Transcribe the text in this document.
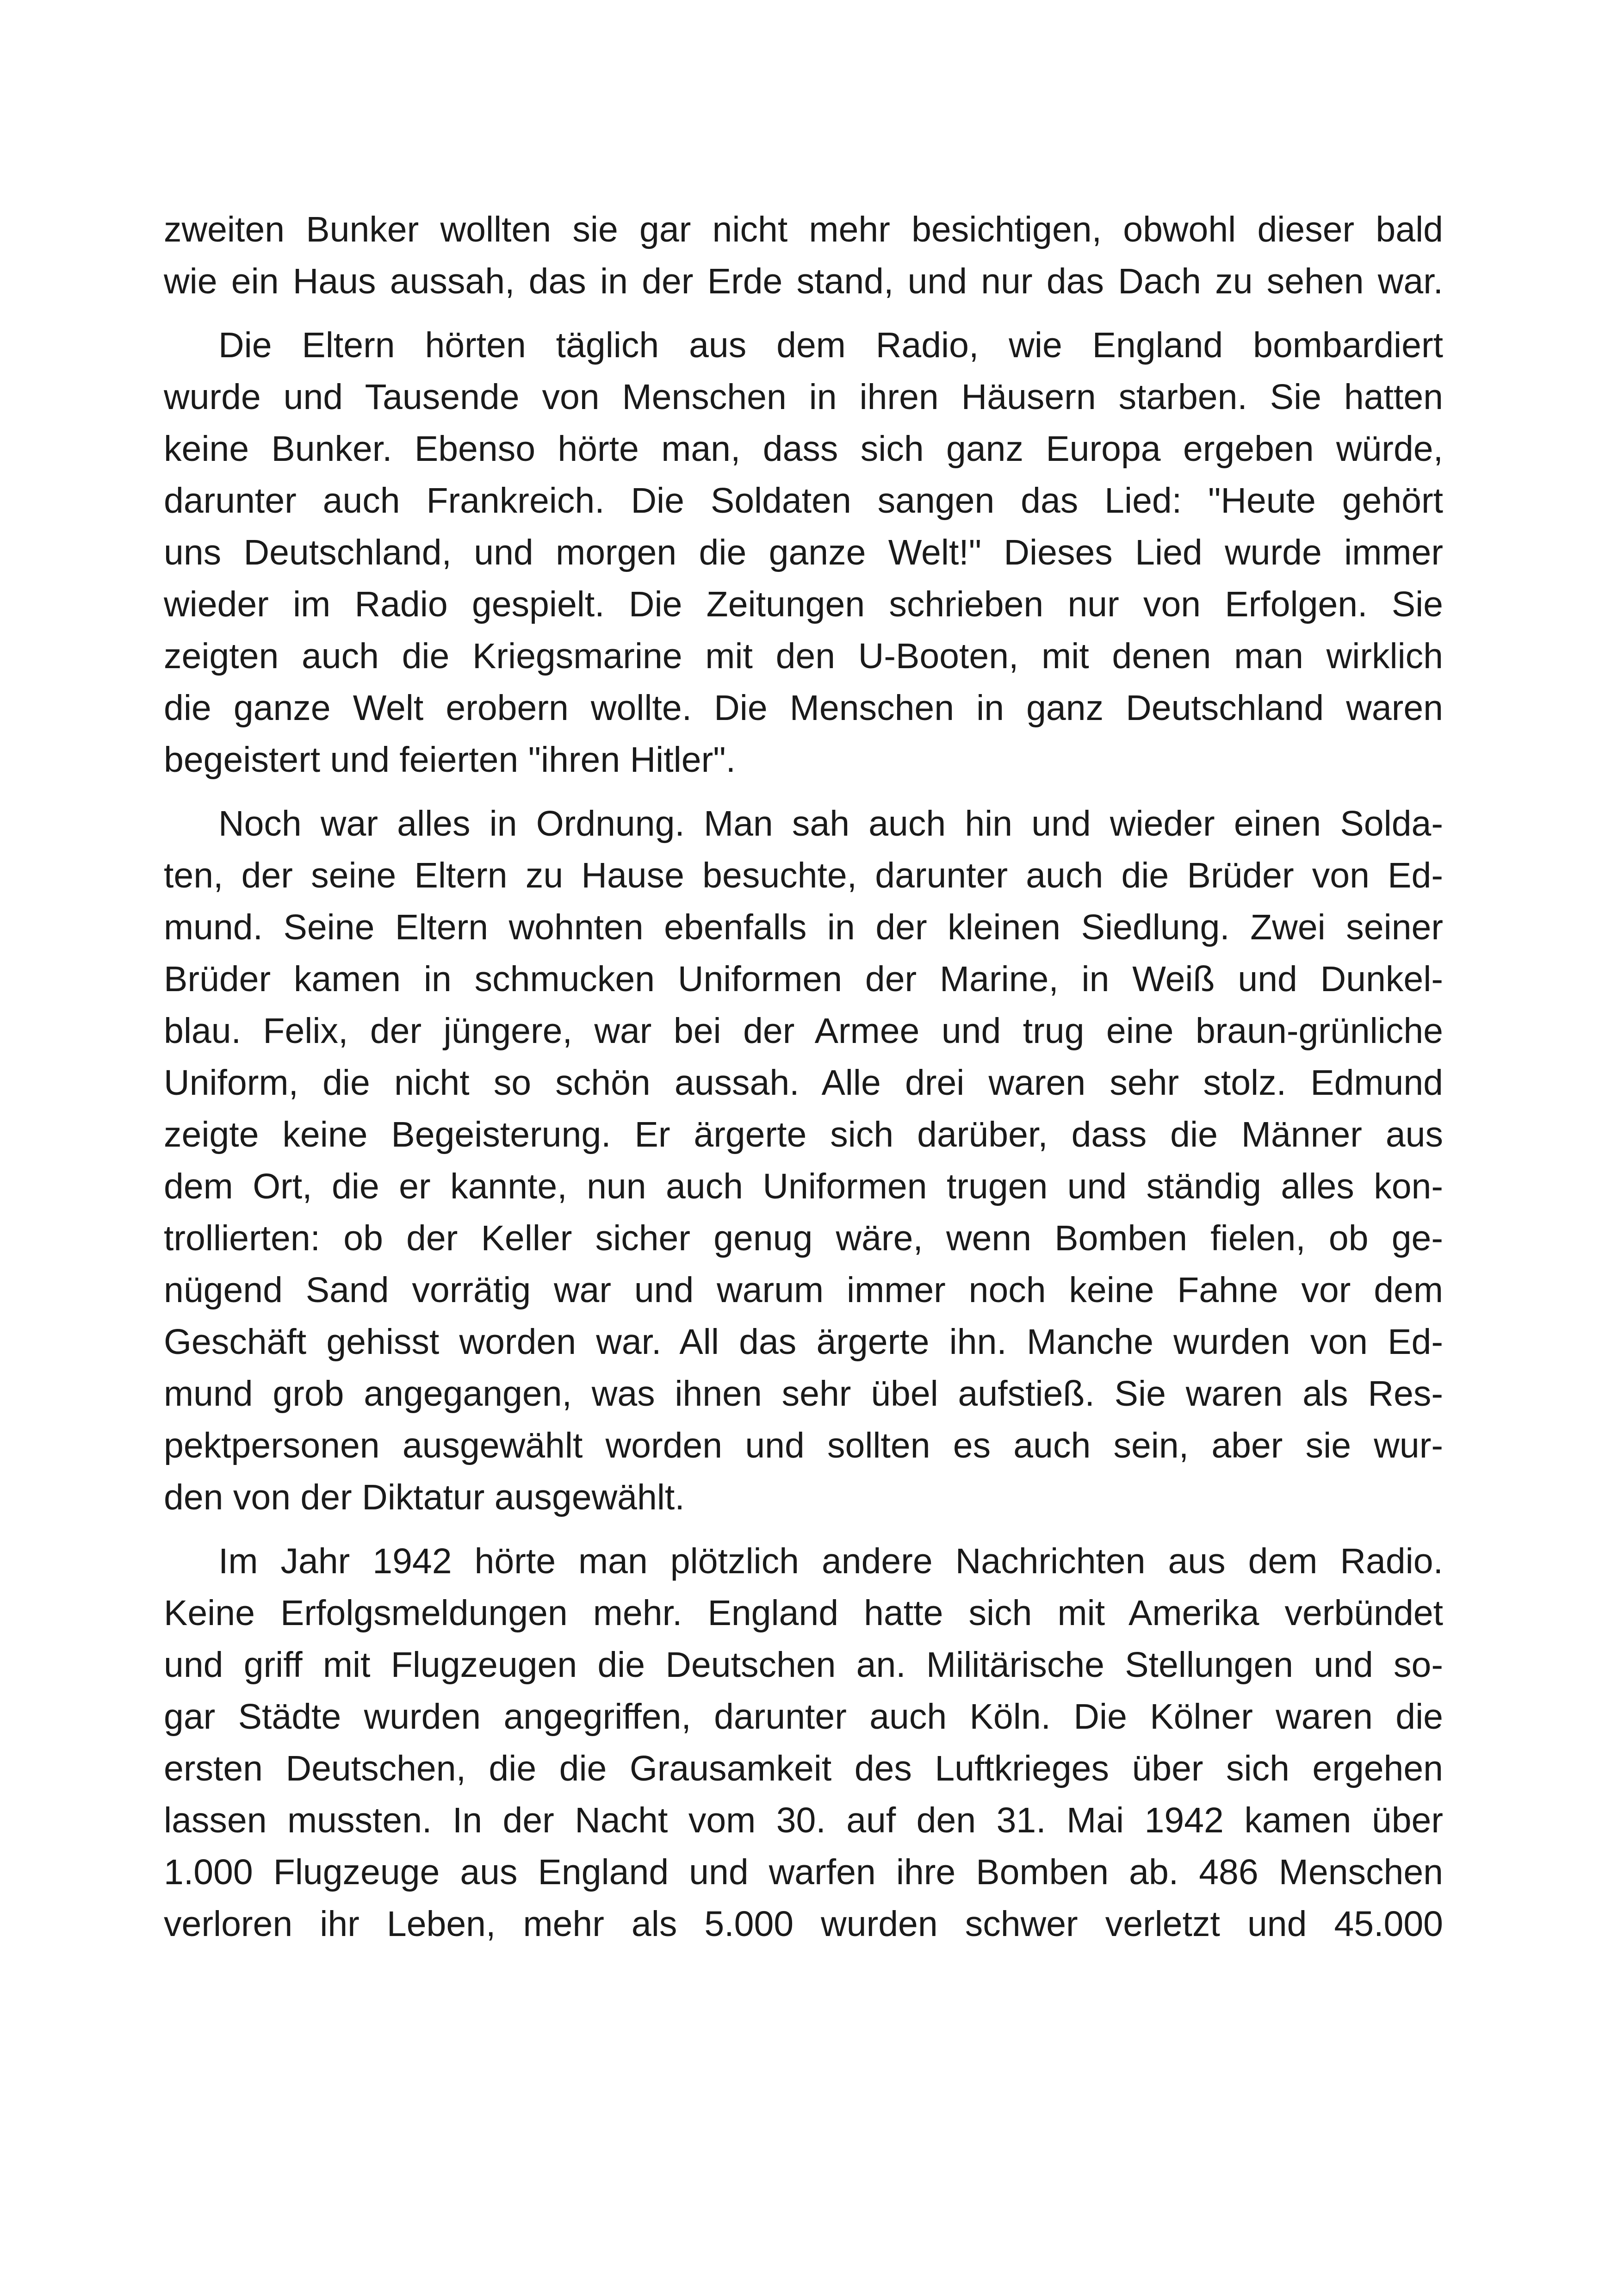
zweiten Bunker wollten sie gar nicht mehr besichtigen, obwohl dieser bald
wie ein Haus aussah, das in der Erde stand, und nur das Dach zu sehen war.
Die Eltern hörten täglich aus dem Radio, wie England bombardiert
wurde und Tausende von Menschen in ihren Häusern starben. Sie hatten
keine Bunker. Ebenso hörte man, dass sich ganz Europa ergeben würde,
darunter auch Frankreich. Die Soldaten sangen das Lied: "Heute gehört
uns Deutschland, und morgen die ganze Welt!" Dieses Lied wurde immer
wieder im Radio gespielt. Die Zeitungen schrieben nur von Erfolgen. Sie
zeigten auch die Kriegsmarine mit den U-Booten, mit denen man wirklich
die ganze Welt erobern wollte. Die Menschen in ganz Deutschland waren
begeistert und feierten "ihren Hitler".
Noch war alles in Ordnung. Man sah auch hin und wieder einen Solda-
ten, der seine Eltern zu Hause besuchte, darunter auch die Brüder von Ed-
mund. Seine Eltern wohnten ebenfalls in der kleinen Siedlung. Zwei seiner
Brüder kamen in schmucken Uniformen der Marine, in Weiß und Dunkel-
blau. Felix, der jüngere, war bei der Armee und trug eine braun-grünliche
Uniform, die nicht so schön aussah. Alle drei waren sehr stolz. Edmund
zeigte keine Begeisterung. Er ärgerte sich darüber, dass die Männer aus
dem Ort, die er kannte, nun auch Uniformen trugen und ständig alles kon-
trollierten: ob der Keller sicher genug wäre, wenn Bomben fielen, ob ge-
nügend Sand vorrätig war und warum immer noch keine Fahne vor dem
Geschäft gehisst worden war. All das ärgerte ihn. Manche wurden von Ed-
mund grob angegangen, was ihnen sehr übel aufstieß. Sie waren als Res-
pektpersonen ausgewählt worden und sollten es auch sein, aber sie wur-
den von der Diktatur ausgewählt.
Im Jahr 1942 hörte man plötzlich andere Nachrichten aus dem Radio.
Keine Erfolgsmeldungen mehr. England hatte sich mit Amerika verbündet
und griff mit Flugzeugen die Deutschen an. Militärische Stellungen und so-
gar Städte wurden angegriffen, darunter auch Köln. Die Kölner waren die
ersten Deutschen, die die Grausamkeit des Luftkrieges über sich ergehen
lassen mussten. In der Nacht vom 30. auf den 31. Mai 1942 kamen über
1.000 Flugzeuge aus England und warfen ihre Bomben ab. 486 Menschen
verloren ihr Leben, mehr als 5.000 wurden schwer verletzt und 45.000
